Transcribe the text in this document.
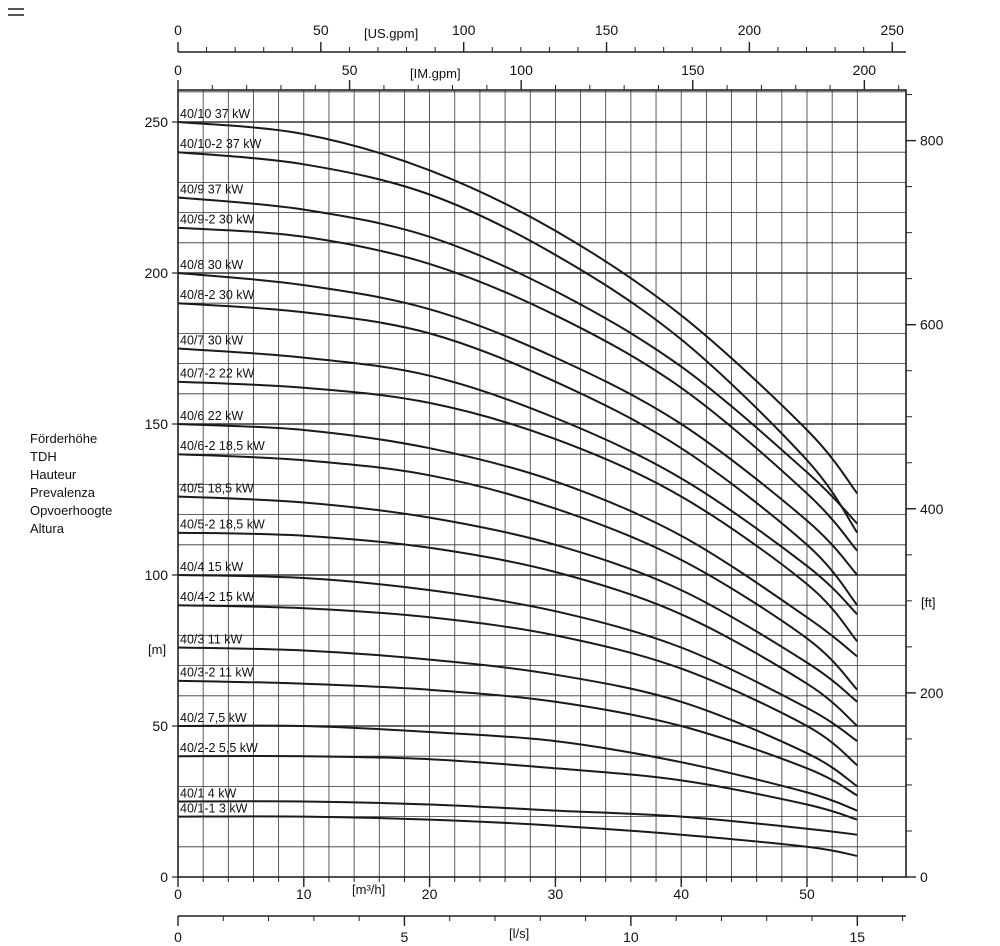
0
50
100
150
200
250
[m]
0
200
400
600
800
[ft]
0	10	20	30	40	50
[m³/h]
0	5	10	15
[l/s]
0	50	100	150	200	250
[US.gpm]
0	50	100	150	200
[IM.gpm]
40/10 37 kW
40/10-2 37 kW
40/9 37 kW
40/9-2 30 kW
40/8 30 kW
40/8-2 30 kW
40/7 30 kW
40/7-2 22 kW
40/6 22 kW
40/6-2 18,5 kW
40/5 18,5 kW
40/5-2 18,5 kW
40/4 15 kW
40/4-2 15 kW
40/3 11 kW
40/3-2 11 kW
40/2 7,5 kW
40/2-2 5,5 kW
40/1 4 kW
40/1-1 3 kW
Förderhöhe
TDH
Hauteur
Prevalenza
Opvoerhoogte
Altura
